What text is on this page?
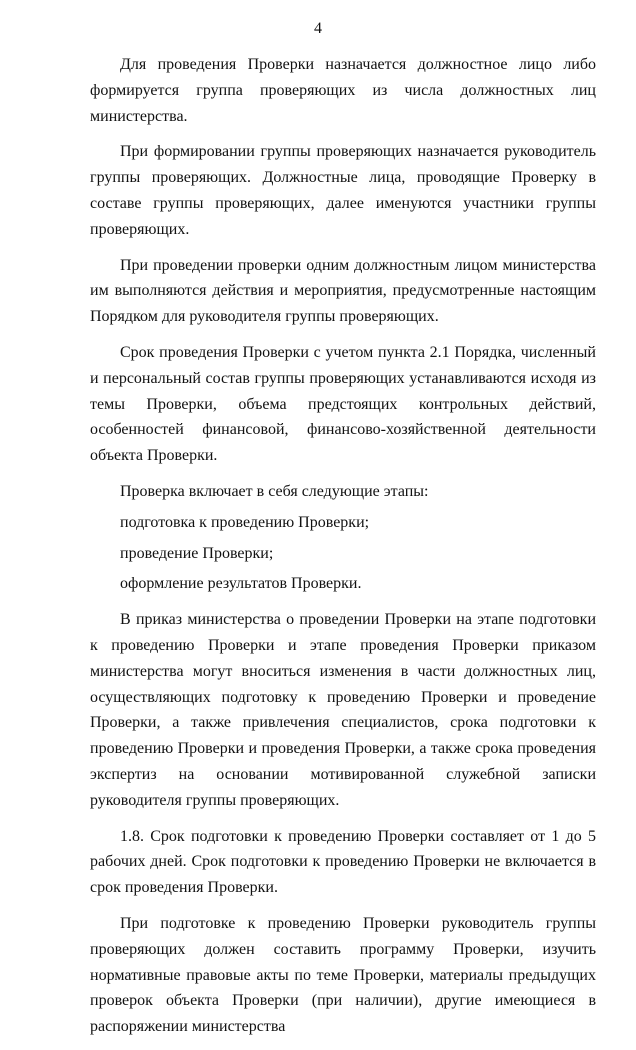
4

Для проведения Проверки назначается должностное лицо либо формируется группа проверяющих из числа должностных лиц министерства.

При формировании группы проверяющих назначается руководитель группы проверяющих. Должностные лица, проводящие Проверку в составе группы проверяющих, далее именуются участники группы проверяющих.

При проведении проверки одним должностным лицом министерства им выполняются действия и мероприятия, предусмотренные настоящим Порядком для руководителя группы проверяющих.

Срок проведения Проверки с учетом пункта 2.1 Порядка, численный и персональный состав группы проверяющих устанавливаются исходя из темы Проверки, объема предстоящих контрольных действий, особенностей финансовой, финансово-хозяйственной деятельности объекта Проверки.

Проверка включает в себя следующие этапы:

подготовка к проведению Проверки;

проведение Проверки;

оформление результатов Проверки.

В приказ министерства о проведении Проверки на этапе подготовки к проведению Проверки и этапе проведения Проверки приказом министерства могут вноситься изменения в части должностных лиц, осуществляющих подготовку к проведению Проверки и проведение Проверки, а также привлечения специалистов, срока подготовки к проведению Проверки и проведения Проверки, а также срока проведения экспертиз на основании мотивированной служебной записки руководителя группы проверяющих.

1.8. Срок подготовки к проведению Проверки составляет от 1 до 5 рабочих дней. Срок подготовки к проведению Проверки не включается в срок проведения Проверки.

При подготовке к проведению Проверки руководитель группы проверяющих должен составить программу Проверки, изучить нормативные правовые акты по теме Проверки, материалы предыдущих проверок объекта Проверки (при наличии), другие имеющиеся в распоряжении министерства
